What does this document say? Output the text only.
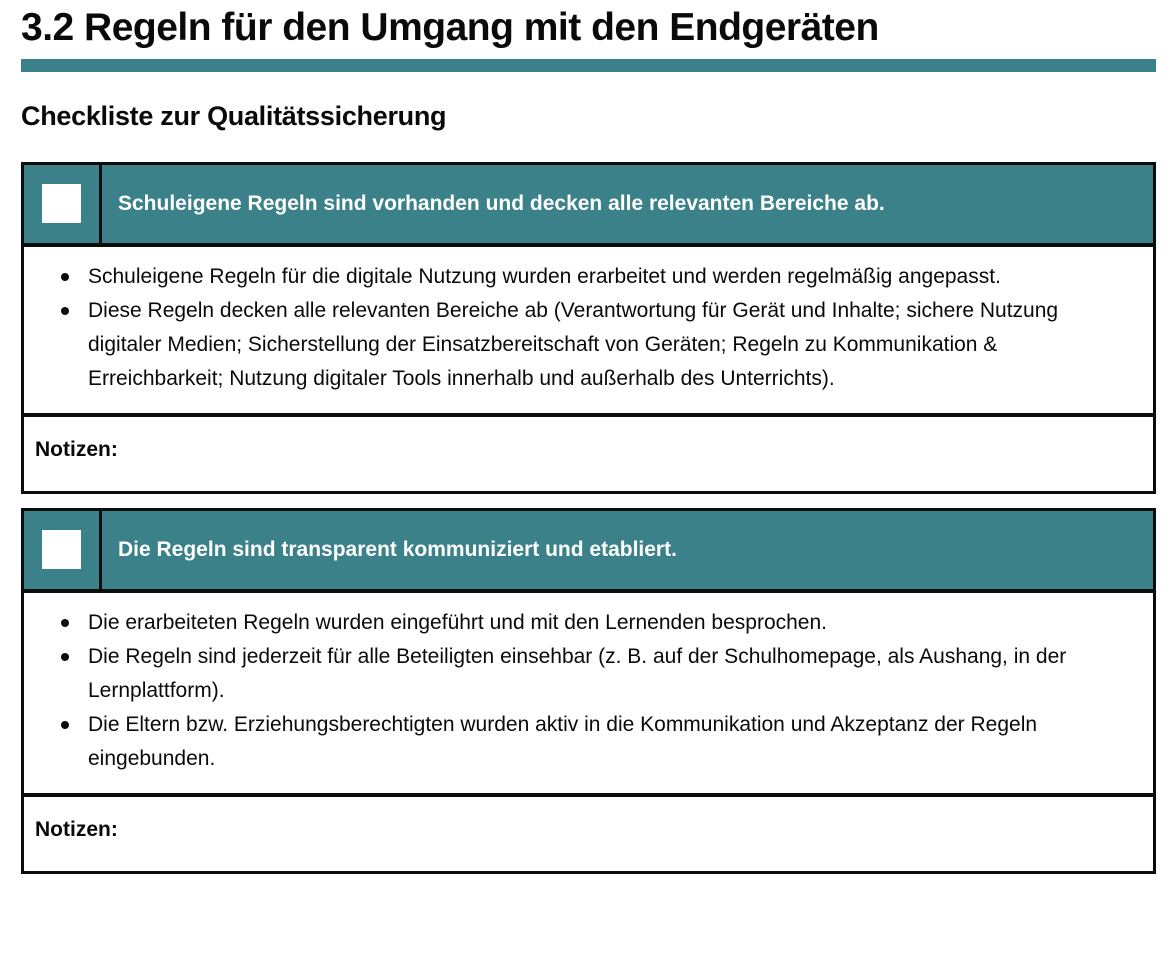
3.2 Regeln für den Umgang mit den Endgeräten
Checkliste zur Qualitätssicherung
Schuleigene Regeln sind vorhanden und decken alle relevanten Bereiche ab.
Schuleigene Regeln für die digitale Nutzung wurden erarbeitet und werden regelmäßig angepasst.
Diese Regeln decken alle relevanten Bereiche ab (Verantwortung für Gerät und Inhalte; sichere Nutzung digitaler Medien; Sicherstellung der Einsatzbereitschaft von Geräten; Regeln zu Kommunikation & Erreichbarkeit; Nutzung digitaler Tools innerhalb und außerhalb des Unterrichts).
Notizen:
Die Regeln sind transparent kommuniziert und etabliert.
Die erarbeiteten Regeln wurden eingeführt und mit den Lernenden besprochen.
Die Regeln sind jederzeit für alle Beteiligten einsehbar (z. B. auf der Schulhomepage, als Aushang, in der Lernplattform).
Die Eltern bzw. Erziehungsberechtigten wurden aktiv in die Kommunikation und Akzeptanz der Regeln eingebunden.
Notizen:
